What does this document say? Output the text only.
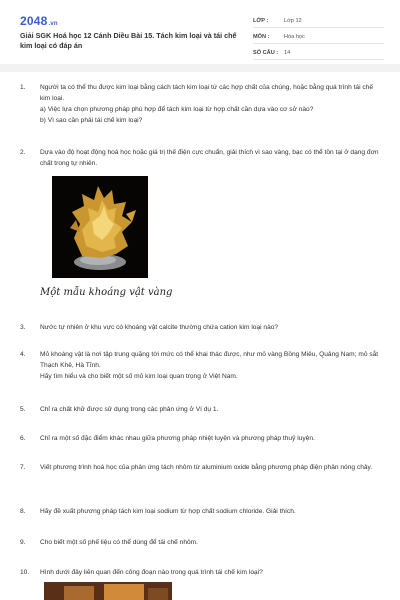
2048.vn
Giải SGK Hoá học 12 Cánh Diều Bài 15. Tách kim loại và tái chế kim loại có đáp án
LỚP :	Lớp 12
MÔN :	Hóa học
SỐ CÂU :	14
1.	Người ta có thể thu được kim loại bằng cách tách kim loại từ các hợp chất của chúng, hoặc bằng quá trình tái chế kim loại.
a) Việc lựa chọn phương pháp phù hợp để tách kim loại từ hợp chất cần dựa vào cơ sở nào?
b) Vì sao cần phải tái chế kim loại?
2.	Dựa vào độ hoạt động hoá học hoặc giá trị thế điện cực chuẩn, giải thích vì sao vàng, bạc có thể tồn tại ở dạng đơn chất trong tự nhiên.
3.	Nước tự nhiên ở khu vực có khoáng vật calcite thường chứa cation kim loại nào?
4.	Mỏ khoáng vật là nơi tập trung quặng tới mức có thể khai thác được, như mỏ vàng Bồng Miêu, Quảng Nam; mỏ sắt Thạch Khê, Hà Tĩnh.
Hãy tìm hiểu và cho biết một số mỏ kim loại quan trọng ở Việt Nam.
5.	Chỉ ra chất khử được sử dụng trong các phản ứng ở Ví dụ 1.
6.	Chỉ ra một số đặc điểm khác nhau giữa phương pháp nhiệt luyện và phương pháp thuỷ luyện.
7.	Viết phương trình hoá học của phản ứng tách nhôm từ aluminium oxide bằng phương pháp điện phân nóng chảy.
8.	Hãy đề xuất phương pháp tách kim loại sodium từ hợp chất sodium chloride. Giải thích.
9.	Cho biết một số phế liệu có thể dùng để tái chế nhôm.
10.	Hình dưới đây liên quan đến công đoạn nào trong quá trình tái chế kim loại?
Một mẫu khoáng vật vàng
